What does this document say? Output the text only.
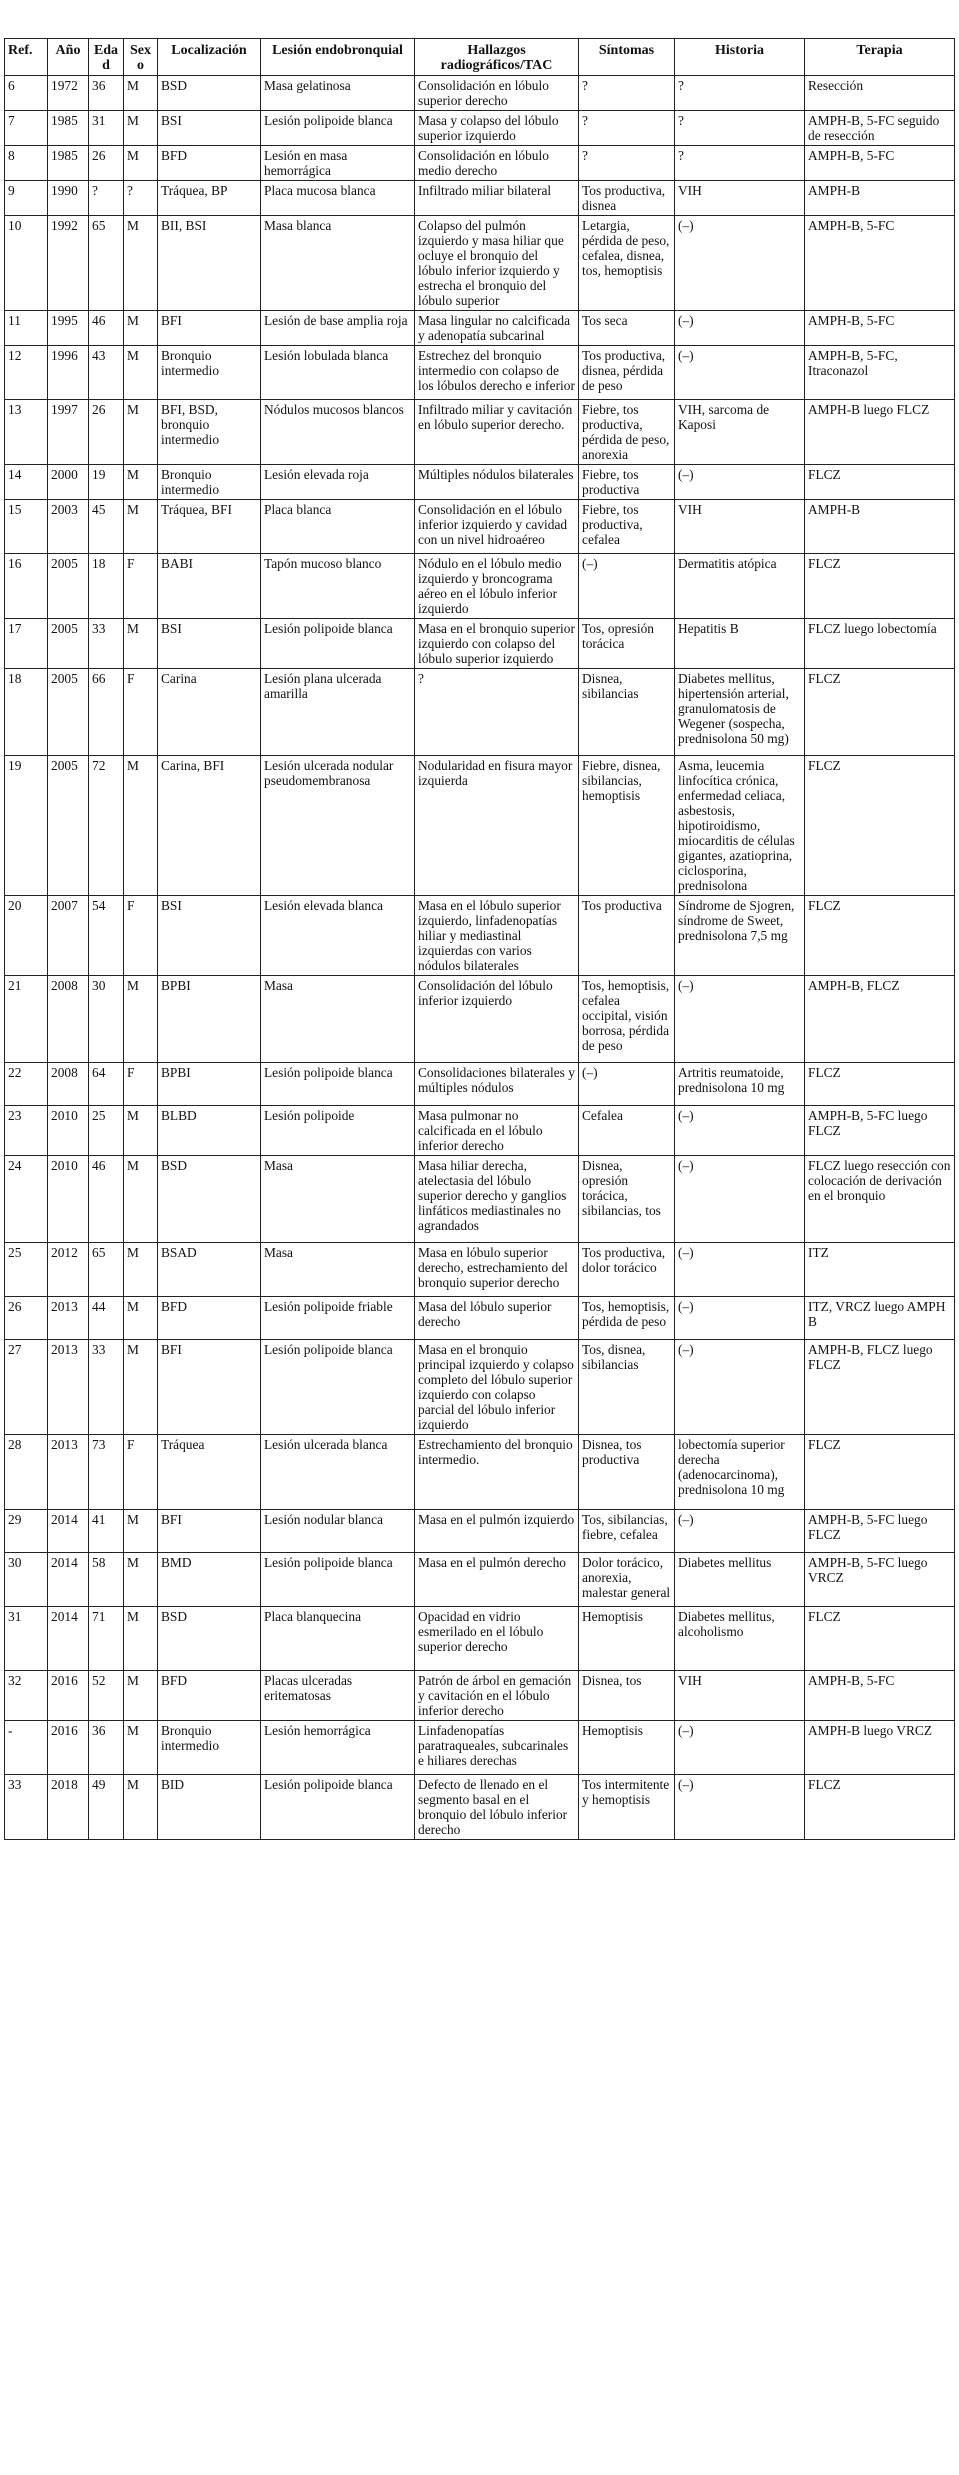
Ref.	Año	Edad	Sexo	Localización	Lesión endobronquial	Hallazgos radiográficos/TAC	Síntomas	Historia	Terapia
6	1972	36	M	BSD	Masa gelatinosa	Consolidación en lóbulo superior derecho	?	?	Resección
7	1985	31	M	BSI	Lesión polipoide blanca	Masa y colapso del lóbulo superior izquierdo	?	?	AMPH-B, 5-FC seguido de resección
8	1985	26	M	BFD	Lesión en masa hemorrágica	Consolidación en lóbulo medio derecho	?	?	AMPH-B, 5-FC
9	1990	?	?	Tráquea, BP	Placa mucosa blanca	Infiltrado miliar bilateral	Tos productiva, disnea	VIH	AMPH-B
10	1992	65	M	BII, BSI	Masa blanca	Colapso del pulmón izquierdo y masa hiliar que ocluye el bronquio del lóbulo inferior izquierdo y estrecha el bronquio del lóbulo superior	Letargia, pérdida de peso, cefalea, disnea, tos, hemoptisis	(–)	AMPH-B, 5-FC
11	1995	46	M	BFI	Lesión de base amplia roja	Masa lingular no calcificada y adenopatía subcarinal	Tos seca	(–)	AMPH-B, 5-FC
12	1996	43	M	Bronquio intermedio	Lesión lobulada blanca	Estrechez del bronquio intermedio con colapso de los lóbulos derecho e inferior	Tos productiva, disnea, pérdida de peso	(–)	AMPH-B, 5-FC, Itraconazol
13	1997	26	M	BFI, BSD, bronquio intermedio	Nódulos mucosos blancos	Infiltrado miliar y cavitación en lóbulo superior derecho.	Fiebre, tos productiva, pérdida de peso, anorexia	VIH, sarcoma de Kaposi	AMPH-B luego FLCZ
14	2000	19	M	Bronquio intermedio	Lesión elevada roja	Múltiples nódulos bilaterales	Fiebre, tos productiva	(–)	FLCZ
15	2003	45	M	Tráquea, BFI	Placa blanca	Consolidación en el lóbulo inferior izquierdo y cavidad con un nivel hidroaéreo	Fiebre, tos productiva, cefalea	VIH	AMPH-B
16	2005	18	F	BABI	Tapón mucoso blanco	Nódulo en el lóbulo medio izquierdo y broncograma aéreo en el lóbulo inferior izquierdo	(–)	Dermatitis atópica	FLCZ
17	2005	33	M	BSI	Lesión polipoide blanca	Masa en el bronquio superior izquierdo con colapso del lóbulo superior izquierdo	Tos, opresión torácica	Hepatitis B	FLCZ luego lobectomía
18	2005	66	F	Carina	Lesión plana ulcerada amarilla	?	Disnea, sibilancias	Diabetes mellitus, hipertensión arterial, granulomatosis de Wegener (sospecha, prednisolona 50 mg)	FLCZ
19	2005	72	M	Carina, BFI	Lesión ulcerada nodular pseudomembranosa	Nodularidad en fisura mayor izquierda	Fiebre, disnea, sibilancias, hemoptisis	Asma, leucemia linfocítica crónica, enfermedad celiaca, asbestosis, hipotiroidismo, miocarditis de células gigantes, azatioprina, ciclosporina, prednisolona	FLCZ
20	2007	54	F	BSI	Lesión elevada blanca	Masa en el lóbulo superior izquierdo, linfadenopatías hiliar y mediastinal izquierdas con varios nódulos bilaterales	Tos productiva	Síndrome de Sjogren, síndrome de Sweet, prednisolona 7,5 mg	FLCZ
21	2008	30	M	BPBI	Masa	Consolidación del lóbulo inferior izquierdo	Tos, hemoptisis, cefalea occipital, visión borrosa, pérdida de peso	(–)	AMPH-B, FLCZ
22	2008	64	F	BPBI	Lesión polipoide blanca	Consolidaciones bilaterales y múltiples nódulos	(–)	Artritis reumatoide, prednisolona 10 mg	FLCZ
23	2010	25	M	BLBD	Lesión polipoide	Masa pulmonar no calcificada en el lóbulo inferior derecho	Cefalea	(–)	AMPH-B, 5-FC luego FLCZ
24	2010	46	M	BSD	Masa	Masa hiliar derecha, atelectasia del lóbulo superior derecho y ganglios linfáticos mediastinales no agrandados	Disnea, opresión torácica, sibilancias, tos	(–)	FLCZ luego resección con colocación de derivación en el bronquio
25	2012	65	M	BSAD	Masa	Masa en lóbulo superior derecho, estrechamiento del bronquio superior derecho	Tos productiva, dolor torácico	(–)	ITZ
26	2013	44	M	BFD	Lesión polipoide friable	Masa del lóbulo superior derecho	Tos, hemoptisis, pérdida de peso	(–)	ITZ, VRCZ luego AMPH B
27	2013	33	M	BFI	Lesión polipoide blanca	Masa en el bronquio principal izquierdo y colapso completo del lóbulo superior izquierdo con colapso parcial del lóbulo inferior izquierdo	Tos, disnea, sibilancias	(–)	AMPH-B, FLCZ luego FLCZ
28	2013	73	F	Tráquea	Lesión ulcerada blanca	Estrechamiento del bronquio intermedio.	Disnea, tos productiva	lobectomía superior derecha (adenocarcinoma), prednisolona 10 mg	FLCZ
29	2014	41	M	BFI	Lesión nodular blanca	Masa en el pulmón izquierdo	Tos, sibilancias, fiebre, cefalea	(–)	AMPH-B, 5-FC luego FLCZ
30	2014	58	M	BMD	Lesión polipoide blanca	Masa en el pulmón derecho	Dolor torácico, anorexia, malestar general	Diabetes mellitus	AMPH-B, 5-FC luego VRCZ
31	2014	71	M	BSD	Placa blanquecina	Opacidad en vidrio esmerilado en el lóbulo superior derecho	Hemoptisis	Diabetes mellitus, alcoholismo	FLCZ
32	2016	52	M	BFD	Placas ulceradas eritematosas	Patrón de árbol en gemación y cavitación en el lóbulo inferior derecho	Disnea, tos	VIH	AMPH-B, 5-FC
-	2016	36	M	Bronquio intermedio	Lesión hemorrágica	Linfadenopatías paratraqueales, subcarinales e hiliares derechas	Hemoptisis	(–)	AMPH-B luego VRCZ
33	2018	49	M	BID	Lesión polipoide blanca	Defecto de llenado en el segmento basal en el bronquio del lóbulo inferior derecho	Tos intermitente y hemoptisis	(–)	FLCZ
